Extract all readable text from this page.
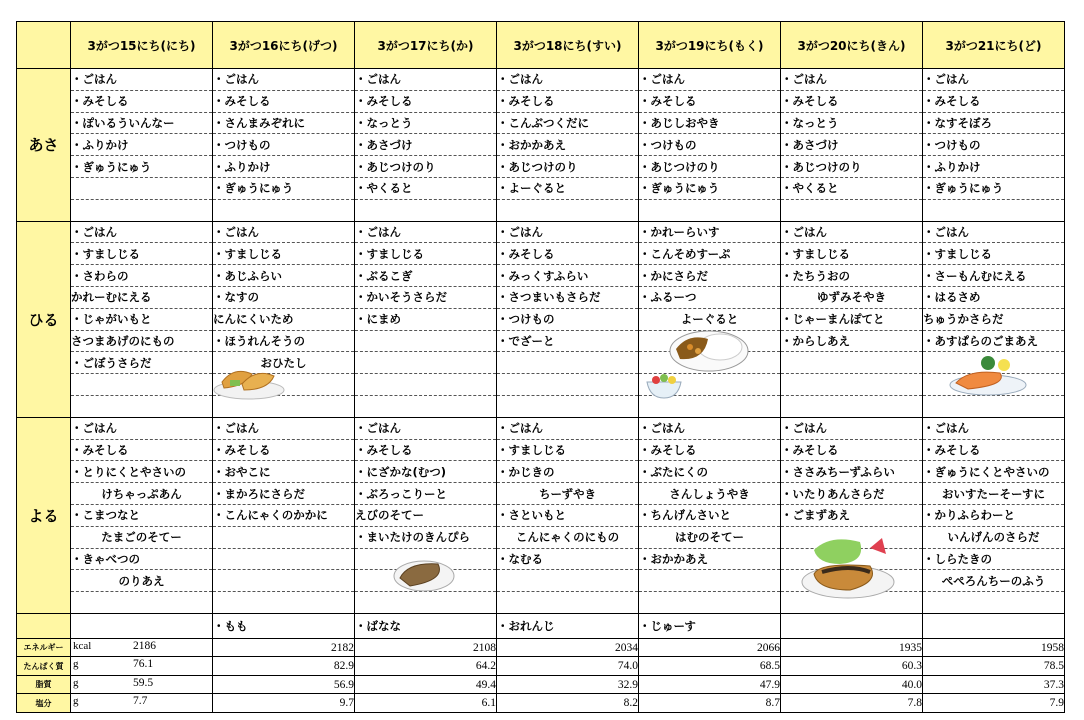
	3がつ15にち(にち)	3がつ16にち(げつ)	3がつ17にち(か)	3がつ18にち(すい)	3がつ19にち(もく)	3がつ20にち(きん)	3がつ21にち(ど)
あさ	・ごはん	・ごはん	・ごはん	・ごはん	・ごはん	・ごはん	・ごはん
	・みそしる	・みそしる	・みそしる	・みそしる	・みそしる	・みそしる	・みそしる
	・ぽいるういんなー	・さんまみぞれに	・なっとう	・こんぶつくだに	・あじしおやき	・なっとう	・なすそぼろ
	・ふりかけ	・つけもの	・あさづけ	・おかかあえ	・つけもの	・あさづけ	・つけもの
	・ぎゅうにゅう	・ふりかけ	・あじつけのり	・あじつけのり	・あじつけのり	・あじつけのり	・ふりかけ
		・ぎゅうにゅう	・やくると	・よーぐると	・ぎゅうにゅう	・やくると	・ぎゅうにゅう

ひる	・ごはん	・ごはん	・ごはん	・ごはん	・かれーらいす	・ごはん	・ごはん
	・すましじる	・すましじる	・すましじる	・みそしる	・こんそめすーぷ	・すましじる	・すましじる
	・さわらの	・あじふらい	・ぶるこぎ	・みっくすふらい	・かにさらだ	・たちうおの	・さーもんむにえる
	かれーむにえる	・なすの	・かいそうさらだ	・さつまいもさらだ	・ふるーつ	ゆずみそやき	・はるさめ
	・じゃがいもと	にんにくいため	・にまめ	・つけもの	よーぐると	・じゃーまんぽてと	ちゅうかさらだ
	さつまあげのにもの	・ほうれんそうの		・でざーと		・からしあえ	・あすぱらのごまあえ
	・ごぼうさらだ	おひたし					

よる	・ごはん	・ごはん	・ごはん	・ごはん	・ごはん	・ごはん	・ごはん
	・みそしる	・みそしる	・みそしる	・すましじる	・みそしる	・みそしる	・みそしる
	・とりにくとやさいの	・おやこに	・にざかな(むつ)	・かじきの	・ぶたにくの	・ささみちーずふらい	・ぎゅうにくとやさいの
	けちゃっぷあん	・まかろにさらだ	・ぶろっこりーと	ちーずやき	さんしょうやき	・いたりあんさらだ	おいすたーそーすに
	・こまつなと	・こんにゃくのかかに	えびのそてー	・さといもと	・ちんげんさいと	・ごまずあえ	・かりふらわーと
	たまごのそてー		・まいたけのきんぴら	こんにゃくのにもの	はむのそてー		いんげんのさらだ
	・きゃべつの			・なむる	・おかかあえ		・しらたきの
	のりあえ						ぺぺろんちーのふう

		・もも	・ばなな	・おれんじ	・じゅーす		
エネルギー	kcal 2186	2182	2108	2034	2066	1935	1958
たんぱく質	g 76.1	82.9	64.2	74.0	68.5	60.3	78.5
脂質	g 59.5	56.9	49.4	32.9	47.9	40.0	37.3
塩分	g 7.7	9.7	6.1	8.2	8.7	7.8	7.9
